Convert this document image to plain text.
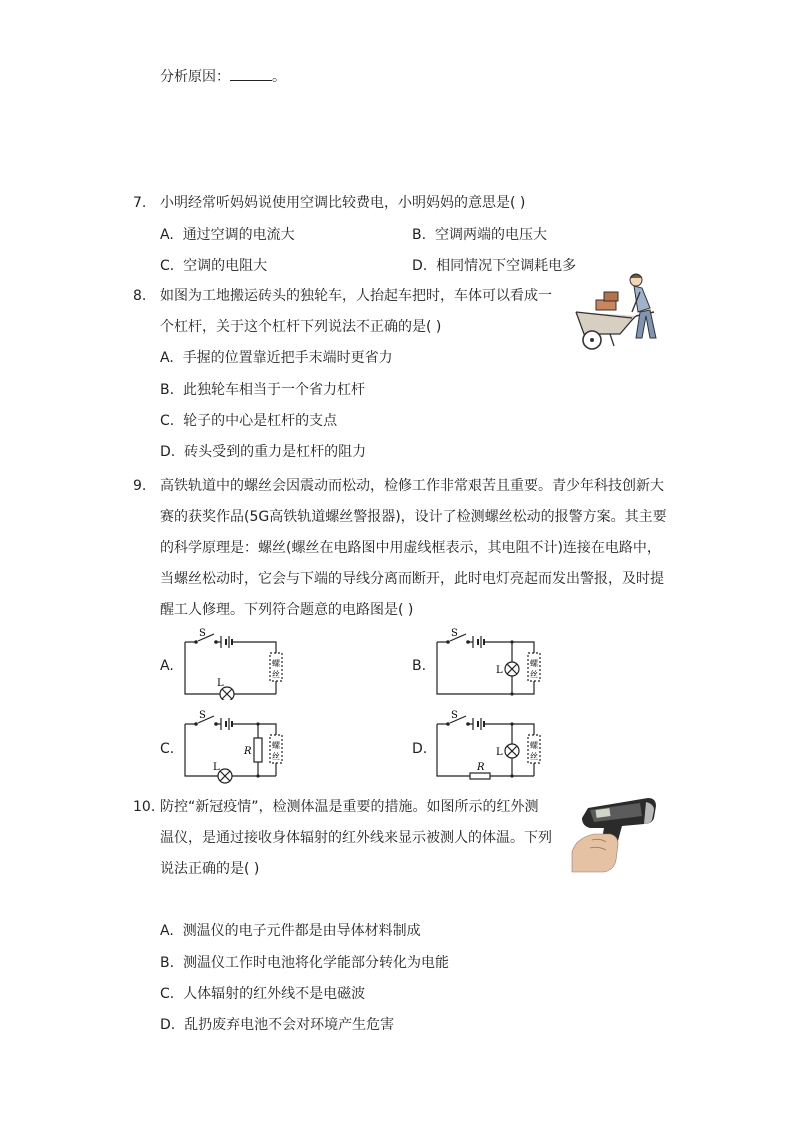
分析原因：	。
7. 小明经常听妈妈说使用空调比较费电，小明妈妈的意思是( )
A. 通过空调的电流大	B. 空调两端的电压大
C. 空调的电阻大	D. 相同情况下空调耗电多
8. 如图为工地搬运砖头的独轮车，人抬起车把时，车体可以看成一
个杠杆，关于这个杠杆下列说法不正确的是( )
A. 手握的位置靠近把手末端时更省力
B. 此独轮车相当于一个省力杠杆
C. 轮子的中心是杠杆的支点
D. 砖头受到的重力是杠杆的阻力
9. 高铁轨道中的螺丝会因震动而松动，检修工作非常艰苦且重要。青少年科技创新大
赛的获奖作品(5G高铁轨道螺丝警报器)，设计了检测螺丝松动的报警方案。其主要
的科学原理是：螺丝(螺丝在电路图中用虚线框表示，其电阻不计)连接在电路中，
当螺丝松动时，它会与下端的导线分离而断开，此时电灯亮起而发出警报，及时提
醒工人修理。下列符合题意的电路图是( )
A.	B.
C.	D.
S
L
螺
丝
S
L
螺
丝
S
L
R
螺
丝
S
L
R
螺
丝
10. 防控“新冠疫情”，检测体温是重要的措施。如图所示的红外测
温仪，是通过接收身体辐射的红外线来显示被测人的体温。下列
说法正确的是( )
A. 测温仪的电子元件都是由导体材料制成
B. 测温仪工作时电池将化学能部分转化为电能
C. 人体辐射的红外线不是电磁波
D. 乱扔废弃电池不会对环境产生危害
